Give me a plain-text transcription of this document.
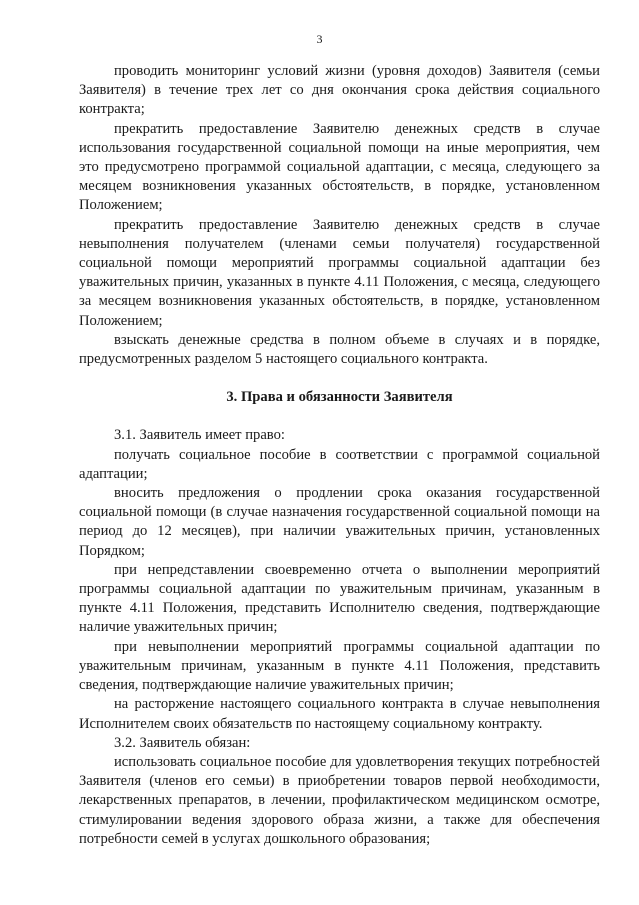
3

проводить мониторинг условий жизни (уровня доходов) Заявителя (семьи Заявителя) в течение трех лет со дня окончания срока действия социального контракта;

прекратить предоставление Заявителю денежных средств в случае использования государственной социальной помощи на иные мероприятия, чем это предусмотрено программой социальной адаптации, с месяца, следующего за месяцем возникновения указанных обстоятельств, в порядке, установленном Положением;

прекратить предоставление Заявителю денежных средств в случае невыполнения получателем (членами семьи получателя) государственной социальной помощи мероприятий программы социальной адаптации без уважительных причин, указанных в пункте 4.11 Положения, с месяца, следующего за месяцем возникновения указанных обстоятельств, в порядке, установленном Положением;

взыскать денежные средства в полном объеме в случаях и в порядке, предусмотренных разделом 5 настоящего социального контракта.

3. Права и обязанности Заявителя

3.1. Заявитель имеет право:

получать социальное пособие в соответствии с программой социальной адаптации;

вносить предложения о продлении срока оказания государственной социальной помощи (в случае назначения государственной социальной помощи на период до 12 месяцев), при наличии уважительных причин, установленных Порядком;

при непредставлении своевременно отчета о выполнении мероприятий программы социальной адаптации по уважительным причинам, указанным в пункте 4.11 Положения, представить Исполнителю сведения, подтверждающие наличие уважительных причин;

при невыполнении мероприятий программы социальной адаптации по уважительным причинам, указанным в пункте 4.11 Положения, представить сведения, подтверждающие наличие уважительных причин;

на расторжение настоящего социального контракта в случае невыполнения Исполнителем своих обязательств по настоящему социальному контракту.

3.2. Заявитель обязан:

использовать социальное пособие для удовлетворения текущих потребностей Заявителя (членов его семьи) в приобретении товаров первой необходимости, лекарственных препаратов, в лечении, профилактическом медицинском осмотре, стимулировании ведения здорового образа жизни, а также для обеспечения потребности семей в услугах дошкольного образования;
